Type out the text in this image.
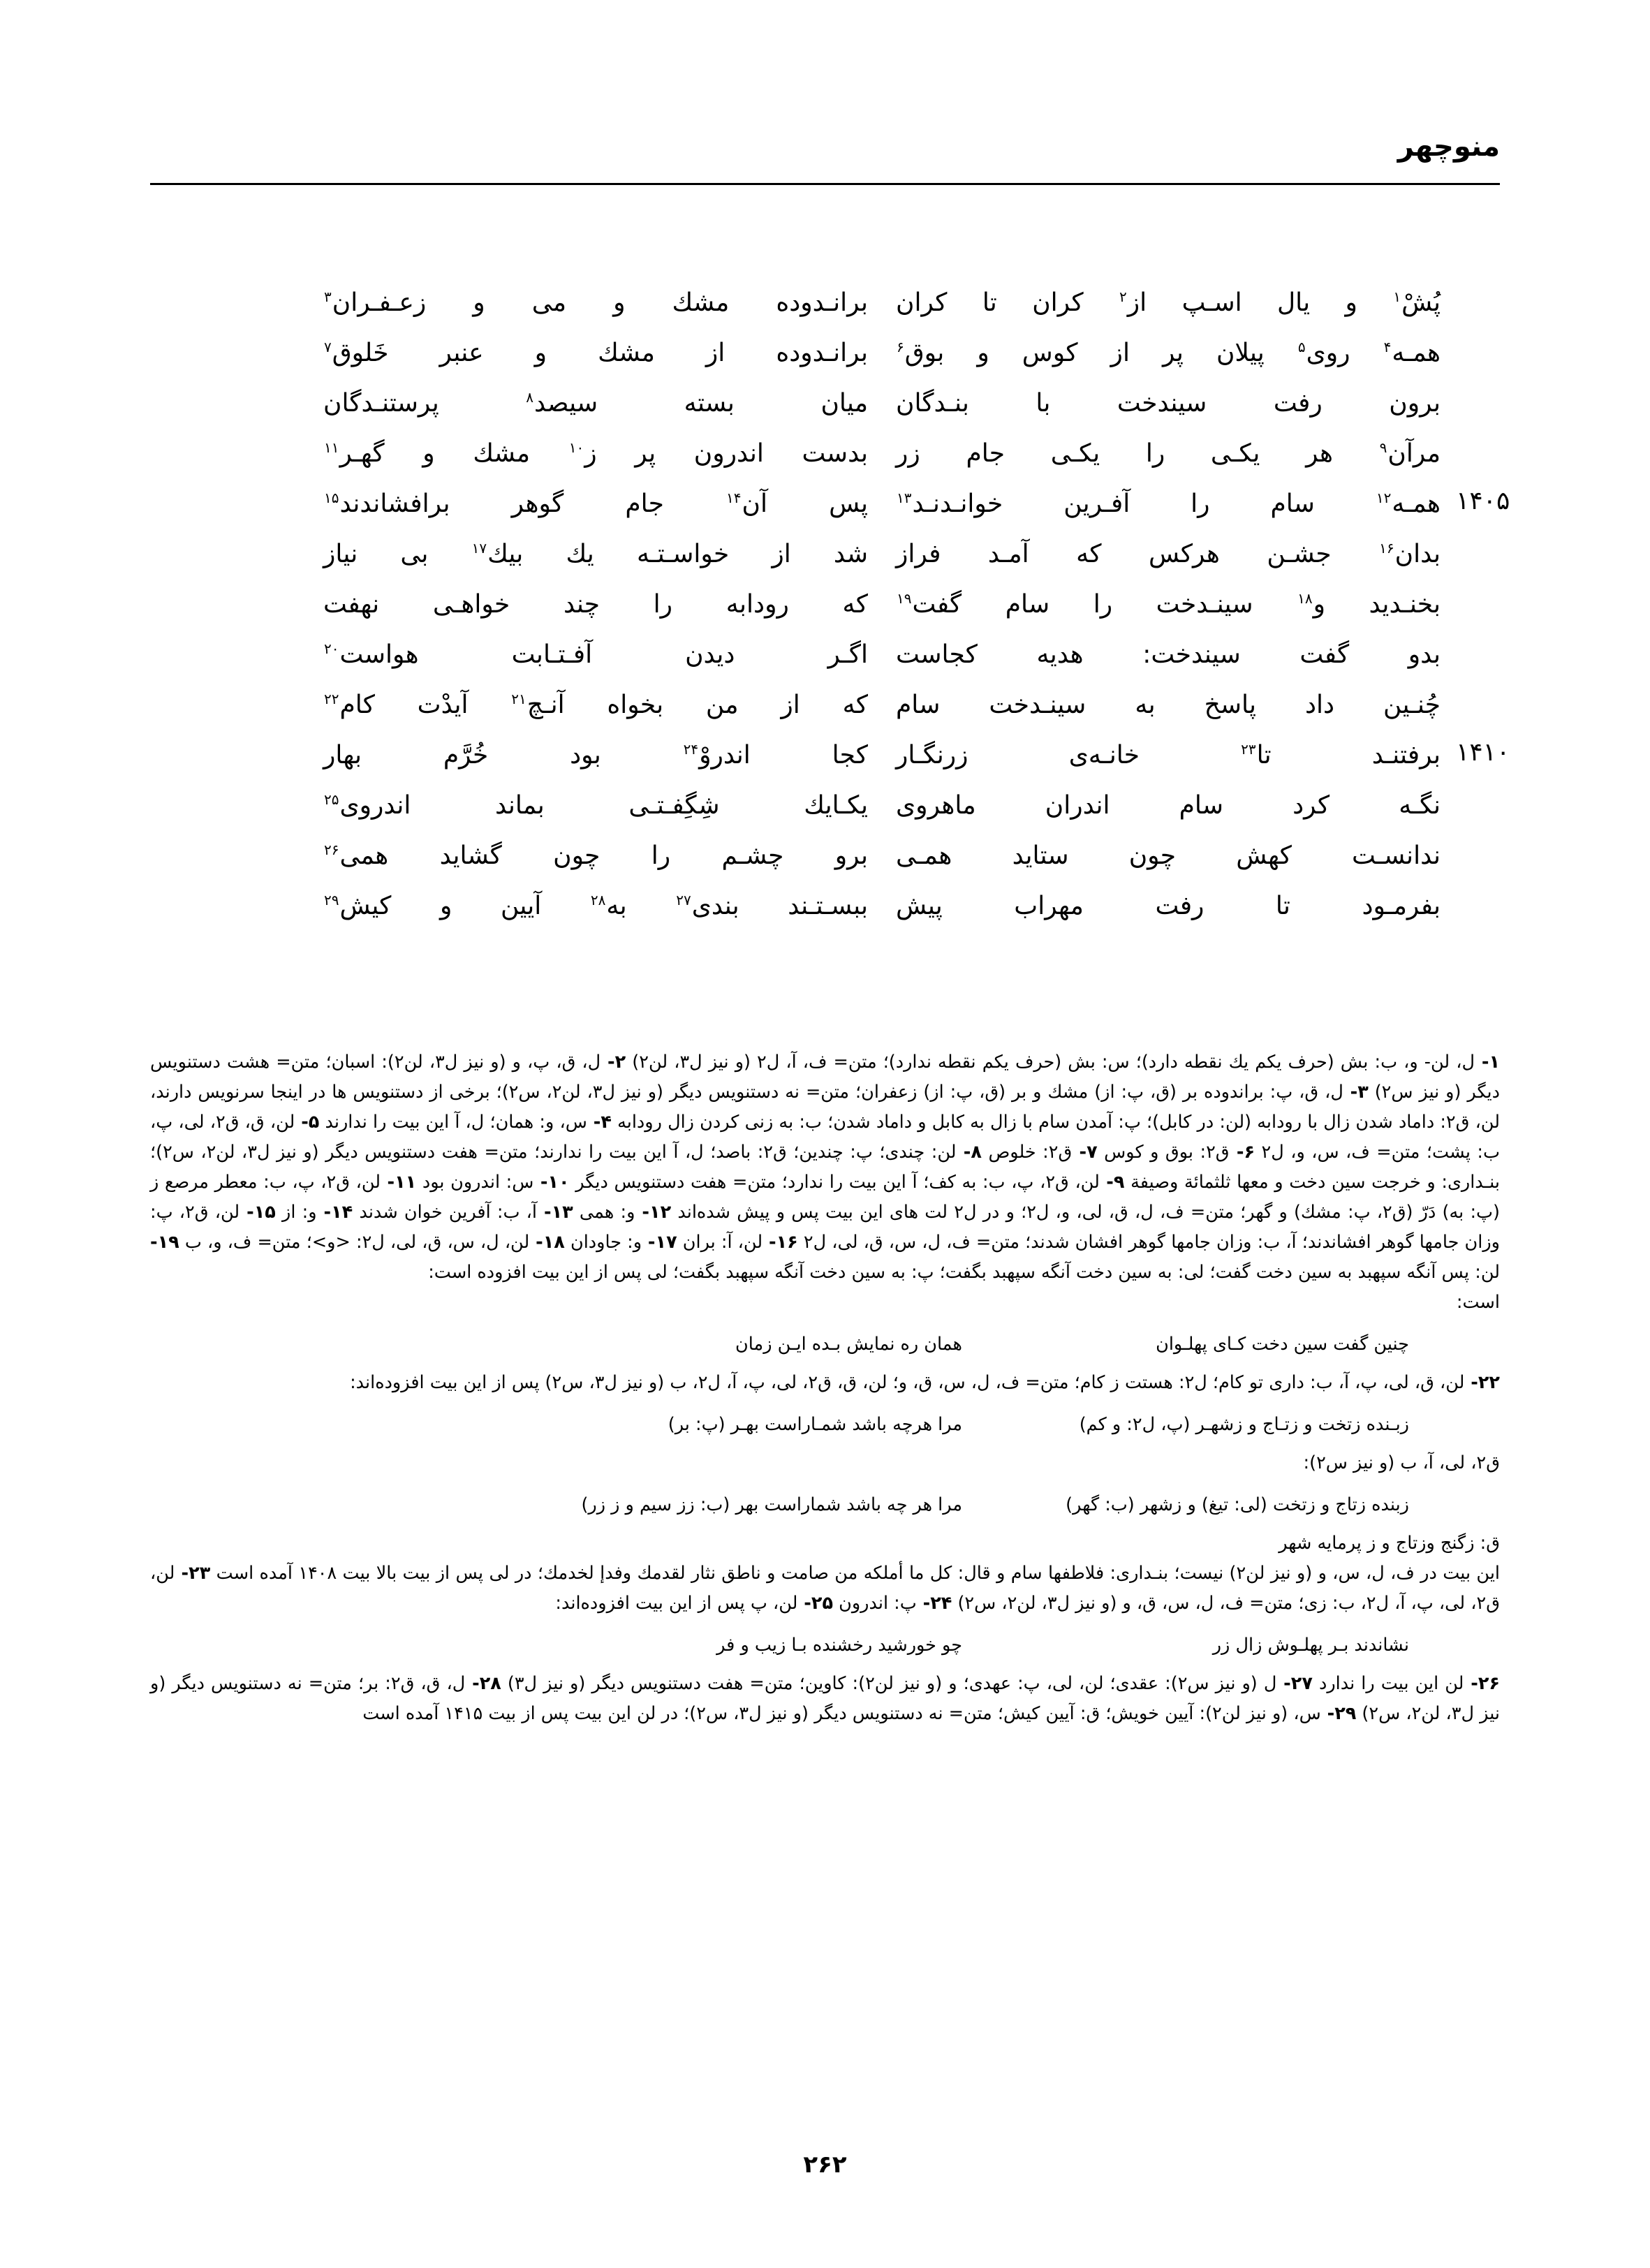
منوچهر
پُشْ$^۱$ و یال اسـپ از$^۲$ کران تا کران
برانـدوده مشك و می و زعـفـران$^۳$
همـه$^۴$ روی$^۵$ پیلان پر از کوس و بوق$^۶$
برانـدوده از مشك و عنبر خَلوق$^۷$
برون رفت سیندخت با بنـدگان
میان بسته سیصد$^۸$ پرستنـدگان
مرآن$^۹$ هر یكـی را یكـی جام زر
بدست اندرون پر ز$^{۱۰}$ مشك و گهـر$^{۱۱}$
۱۴۰۵
همـه$^{۱۲}$ سام را آفـرین خوانـدنـد$^{۱۳}$
پس آن$^{۱۴}$ جام گوهر برافشاندند$^{۱۵}$
بدان$^{۱۶}$ جشـن هركس كه آمـد فراز
شد از خواسـتـه یك بیك$^{۱۷}$ بی نیاز
بخنـدید و$^{۱۸}$ سینـدخت را سام گفت$^{۱۹}$
كه رودابه را چند خواهـی نهفت
بدو گفت سیندخت: هدیه كجاست
اگـر دیدن آفـتـابت هواست$^{۲۰}$
چُنـین داد پاسخ به سینـدخت سام
كه از من بخواه آنـچ$^{۲۱}$ آیدْت كام$^{۲۲}$
۱۴۱۰
برفتنـد تا$^{۲۳}$ خانـه‌ی زرنگـار
كجا اندروْ$^{۲۴}$ بود خُرَّم بهار
نگـه كرد سام اندران ماهروی
یكـایك شِگِفـتـی بماند اندروی$^{۲۵}$
ندانسـت كهش چون ستاید همـی
برو چشـم را چون گشاید همی$^{۲۶}$
بفرمـود تا رفت مهراب پیش
ببسـتـند بندی$^{۲۷}$ به$^{۲۸}$ آیین و كیش$^{۲۹}$
۱- ل، لن- و، ب: بش (حرف یكم یك نقطه دارد)؛ س: بش (حرف یكم نقطه ندارد)؛ متن= ف، آ، ل۲ (و نیز ل۳، لن۲) ۲- ل، ق، پ، و (و نیز ل۳، لن۲): اسبان؛ متن= هشت دستنویس دیگر (و نیز س۲) ۳- ل، ق، پ: براندوده بر (ق، پ: از) مشك و بر (ق، پ: از) زعفران؛ متن= نه دستنویس دیگر (و نیز ل۳، لن۲، س۲)؛ برخی از دستنویس ها در اینجا سرنویس دارند، لن، ق۲: داماد شدن زال با رودابه (لن: در كابل)؛ پ: آمدن سام با زال به كابل و داماد شدن؛ ب: به زنی كردن زال رودابه ۴- س، و: همان؛ ل، آ این بیت را ندارند ۵- لن، ق، ق۲، لی، پ، ب: پشت؛ متن= ف، س، و، ل۲ ۶- ق۲: بوق و كوس ۷- ق۲: خلوص ۸- لن: چندی؛ پ: چندین؛ ق۲: باصد؛ ل، آ این بیت را ندارند؛ متن= هفت دستنویس دیگر (و نیز ل۳، لن۲، س۲)؛ بنـداری: و خرجت سین دخت و معها ثلثمائة وصیفة ۹- لن، ق۲، پ، ب: به كف؛ آ این بیت را ندارد؛ متن= هفت دستنویس دیگر ۱۰- س: اندرون بود ۱۱- لن، ق۲، پ، ب: معطر مرصع ز (پ: به) دَرّ (ق۲، پ: مشك) و گهر؛ متن= ف، ل، ق، لی، و، ل۲؛ و در ل۲ لت های این بیت پس و پیش شده‌اند ۱۲- و: همی ۱۳- آ، ب: آفرین خوان شدند ۱۴- و: از ۱۵- لن، ق۲، پ: وزان جامها گوهر افشاندند؛ آ، ب: وزان جامها گوهر افشان شدند؛ متن= ف، ل، س، ق، لی، ل۲ ۱۶- لن، آ: بران ۱۷- و: جاودان ۱۸- لن، ل، س، ق، لی، ل۲: <و>؛ متن= ف، و، ب ۱۹- لن: پس آنگه سپهبد به سین دخت گفت؛ لی: به سین دخت آنگه سپهبد بگفت؛ پ: به سین دخت آنگه سپهبد بگفت؛ لی پس از این بیت افزوده است:
است:
چنین گفت سین دخت كـای پهلـوان
همان ره نمایش بـده ایـن زمان
۲۲- لن، ق، لی، پ، آ، ب: داری تو كام؛ ل۲: هستت ز كام؛ متن= ف، ل، س، ق، و؛ لن، ق، ق۲، لی، پ، آ، ل۲، ب (و نیز ل۳، س۲) پس از این بیت افزوده‌اند:
زبـنده زتخت و زتـاج و زشهـر (پ، ل۲: و كم)
مرا هرچه باشد شمـاراست بهـر (پ: بر)
ق۲، لی، آ، ب (و نیز س۲):
زبنده زتاج و زتخت (لی: تیغ) و زشهر (ب: گهر)
مرا هر چه باشد شماراست بهر (ب: زز سیم و ز زر)
ق: زگنج وزتاج و ز پرمایه شهر
این بیت در ف، ل، س، و (و نیز لن۲) نیست؛ بنـداری: فلاطفها سام و قال: كل ما أملكه من صامت و ناطق نثار لقدمك وفدإ لخدمك؛ در لی پس از بیت بالا بیت ۱۴۰۸ آمده است ۲۳- لن، ق۲، لی، پ، آ، ل۲، ب: زی؛ متن= ف، ل، س، ق، و (و نیز ل۳، لن۲، س۲) ۲۴- پ: اندرون ۲۵- لن، پ پس از این بیت افزوده‌اند:
نشاندند بـر پهلـوش زال زر
چو خورشید رخشنده بـا زیب و فر
۲۶- لن این بیت را ندارد ۲۷- ل (و نیز س۲): عقدی؛ لن، لی، پ: عهدی؛ و (و نیز لن۲): كاوین؛ متن= هفت دستنویس دیگر (و نیز ل۳) ۲۸- ل، ق، ق۲: بر؛ متن= نه دستنویس دیگر (و نیز ل۳، لن۲، س۲) ۲۹- س، (و نیز لن۲): آیین خویش؛ ق: آیین كیش؛ متن= نه دستنویس دیگر (و نیز ل۳، س۲)؛ در لن این بیت پس از بیت ۱۴۱۵ آمده است
۲۶۲
